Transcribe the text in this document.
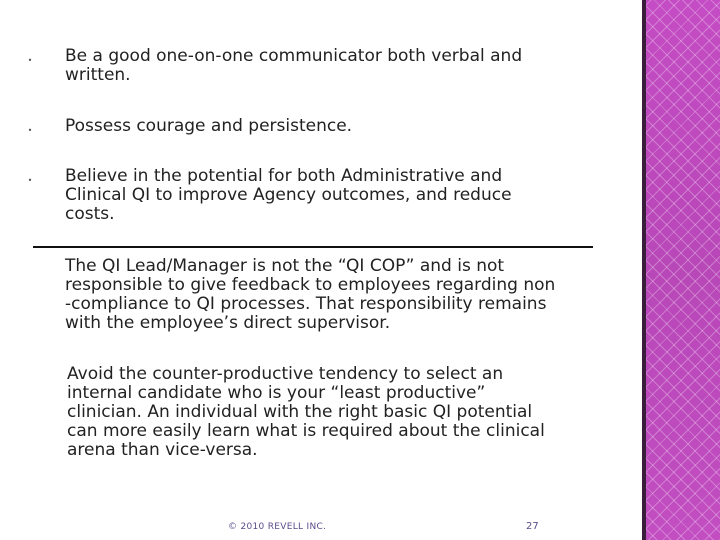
• Be a good one-on-one communicator both verbal and
written.
• Possess courage and persistence.
• Believe in the potential for both Administrative and
Clinical QI to improve Agency outcomes, and reduce
costs.
The QI Lead/Manager is not the “QI COP” and is not
responsible to give feedback to employees regarding non
-compliance to QI processes. That responsibility remains
with the employee’s direct supervisor.
Avoid the counter-productive tendency to select an
internal candidate who is your “least productive”
clinician. An individual with the right basic QI potential
can more easily learn what is required about the clinical
arena than vice-versa.
© 2010 REVELL INC.	27
